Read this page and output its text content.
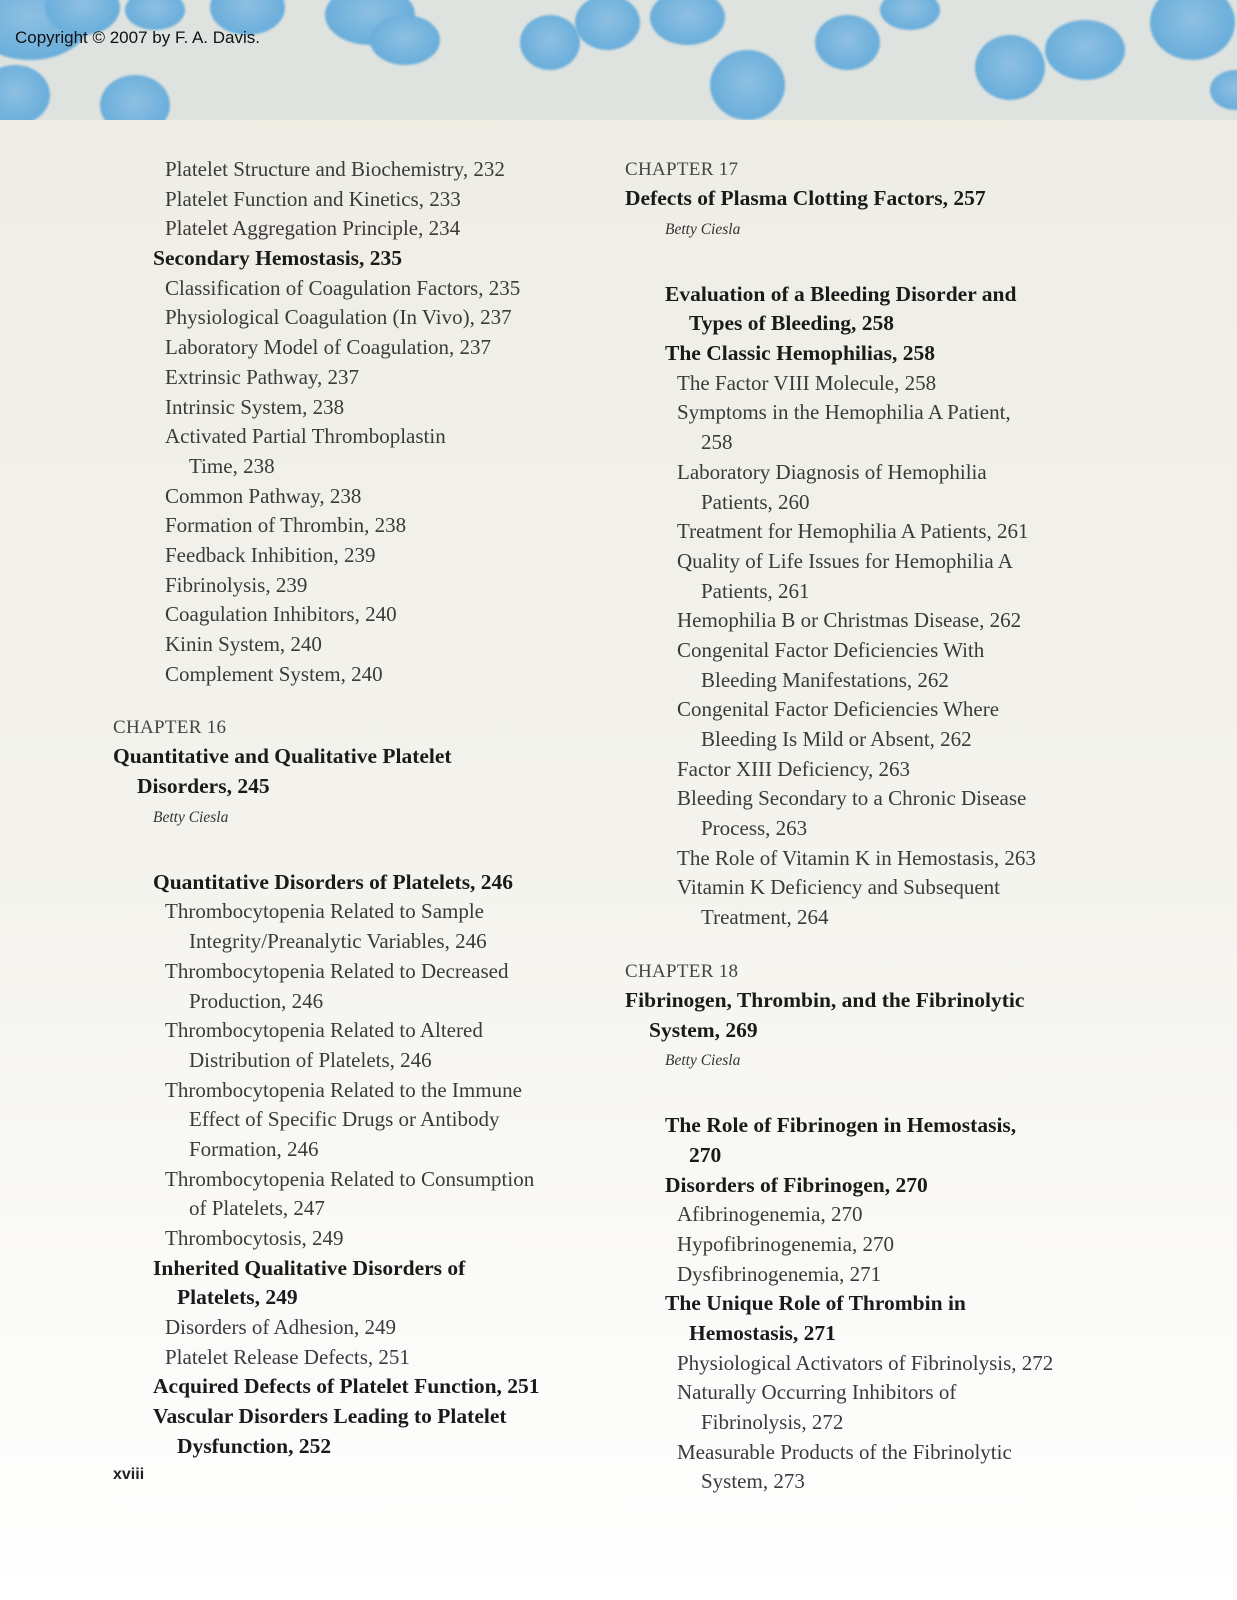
Copyright © 2007 by F. A. Davis.
Platelet Structure and Biochemistry, 232
Platelet Function and Kinetics, 233
Platelet Aggregation Principle, 234
Secondary Hemostasis, 235
Classification of Coagulation Factors, 235
Physiological Coagulation (In Vivo), 237
Laboratory Model of Coagulation, 237
Extrinsic Pathway, 237
Intrinsic System, 238
Activated Partial Thromboplastin
Time, 238
Common Pathway, 238
Formation of Thrombin, 238
Feedback Inhibition, 239
Fibrinolysis, 239
Coagulation Inhibitors, 240
Kinin System, 240
Complement System, 240
CHAPTER 16
Quantitative and Qualitative Platelet
Disorders, 245
Betty Ciesla
Quantitative Disorders of Platelets, 246
Thrombocytopenia Related to Sample
Integrity/Preanalytic Variables, 246
Thrombocytopenia Related to Decreased
Production, 246
Thrombocytopenia Related to Altered
Distribution of Platelets, 246
Thrombocytopenia Related to the Immune
Effect of Specific Drugs or Antibody
Formation, 246
Thrombocytopenia Related to Consumption
of Platelets, 247
Thrombocytosis, 249
Inherited Qualitative Disorders of
Platelets, 249
Disorders of Adhesion, 249
Platelet Release Defects, 251
Acquired Defects of Platelet Function, 251
Vascular Disorders Leading to Platelet
Dysfunction, 252
CHAPTER 17
Defects of Plasma Clotting Factors, 257
Betty Ciesla
Evaluation of a Bleeding Disorder and
Types of Bleeding, 258
The Classic Hemophilias, 258
The Factor VIII Molecule, 258
Symptoms in the Hemophilia A Patient,
258
Laboratory Diagnosis of Hemophilia
Patients, 260
Treatment for Hemophilia A Patients, 261
Quality of Life Issues for Hemophilia A
Patients, 261
Hemophilia B or Christmas Disease, 262
Congenital Factor Deficiencies With
Bleeding Manifestations, 262
Congenital Factor Deficiencies Where
Bleeding Is Mild or Absent, 262
Factor XIII Deficiency, 263
Bleeding Secondary to a Chronic Disease
Process, 263
The Role of Vitamin K in Hemostasis, 263
Vitamin K Deficiency and Subsequent
Treatment, 264
CHAPTER 18
Fibrinogen, Thrombin, and the Fibrinolytic
System, 269
Betty Ciesla
The Role of Fibrinogen in Hemostasis,
270
Disorders of Fibrinogen, 270
Afibrinogenemia, 270
Hypofibrinogenemia, 270
Dysfibrinogenemia, 271
The Unique Role of Thrombin in
Hemostasis, 271
Physiological Activators of Fibrinolysis, 272
Naturally Occurring Inhibitors of
Fibrinolysis, 272
Measurable Products of the Fibrinolytic
System, 273
xviii
